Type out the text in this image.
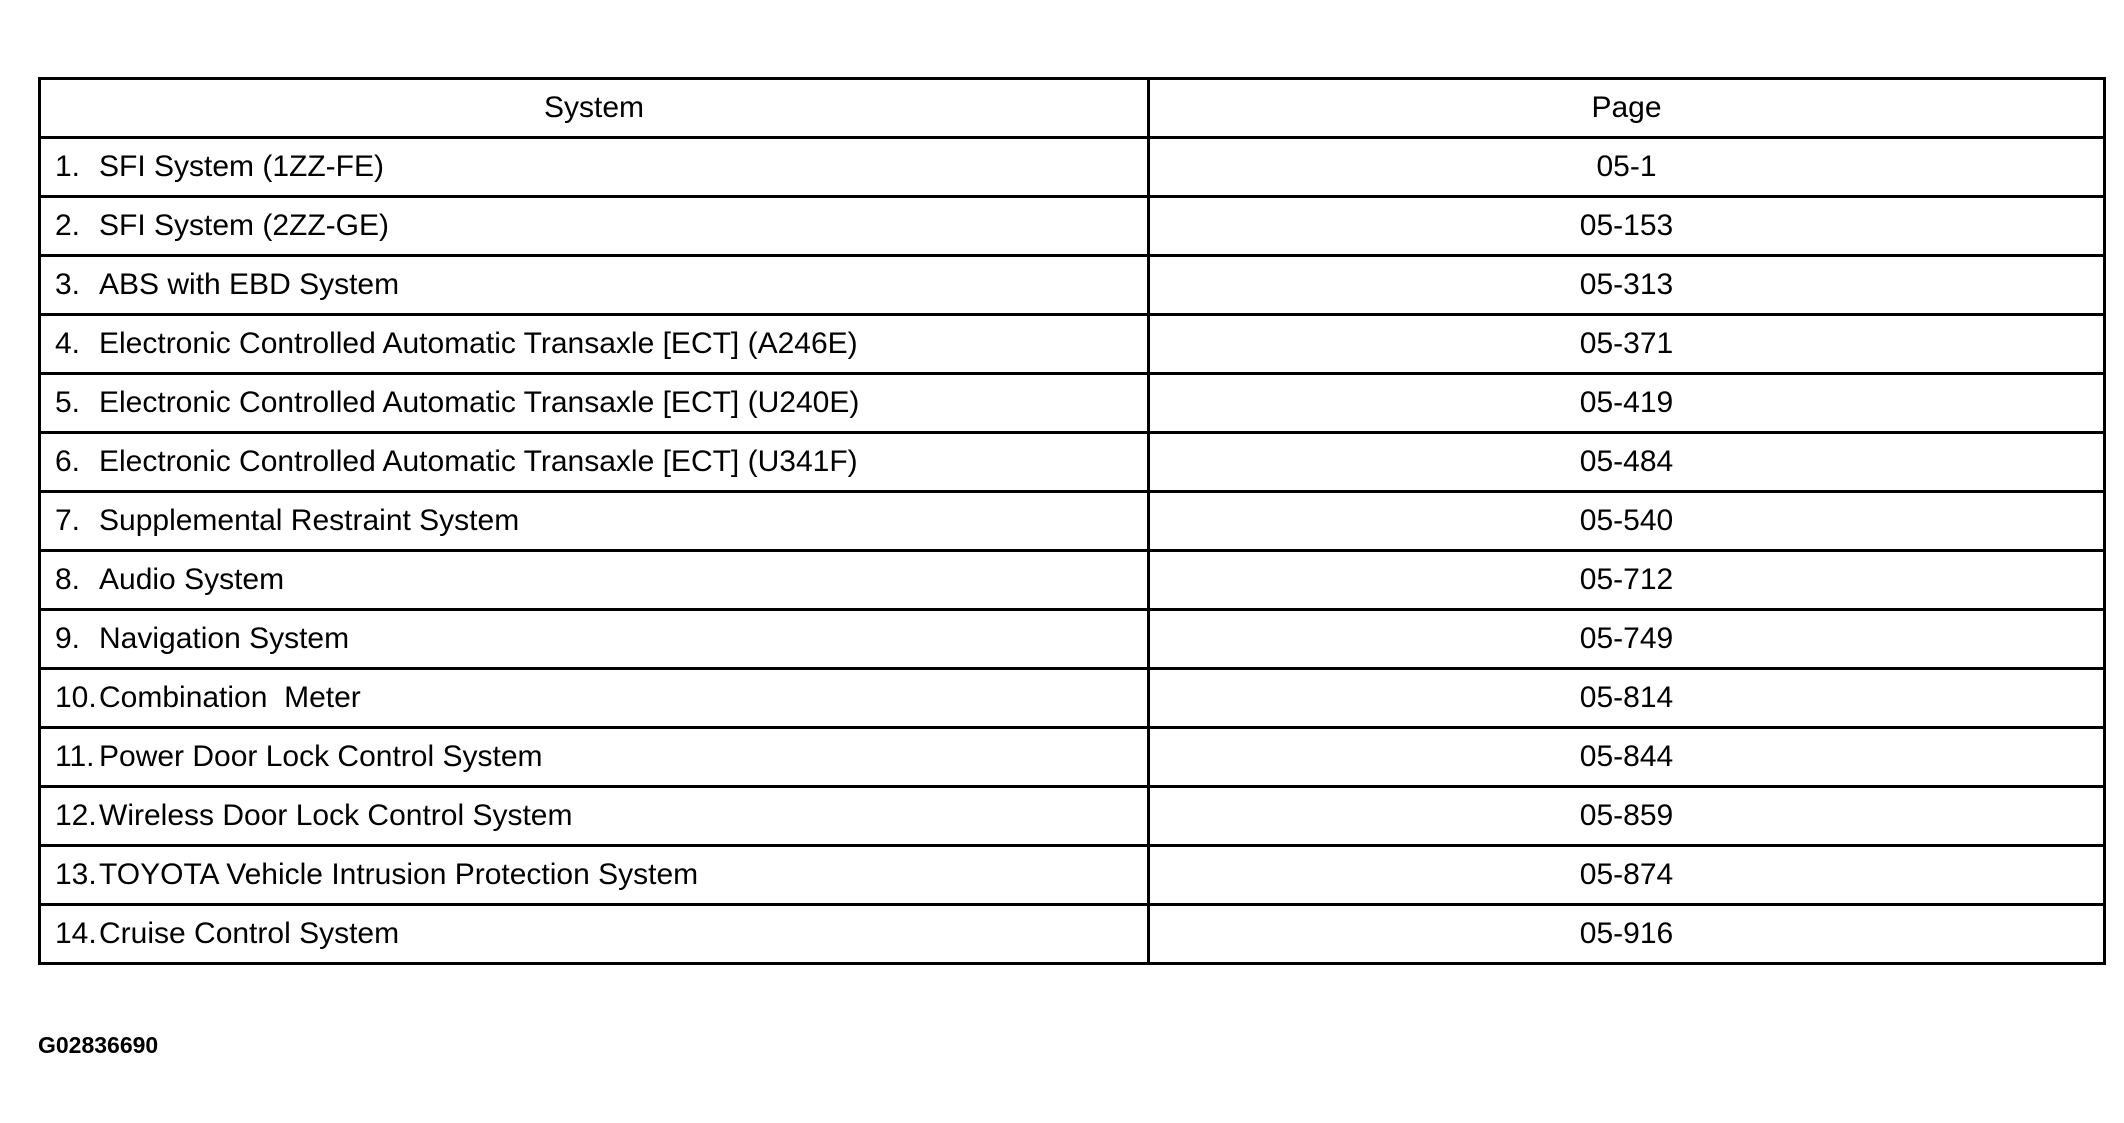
System	Page
1. SFI System (1ZZ-FE)	05-1
2. SFI System (2ZZ-GE)	05-153
3. ABS with EBD System	05-313
4. Electronic Controlled Automatic Transaxle [ECT] (A246E)	05-371
5. Electronic Controlled Automatic Transaxle [ECT] (U240E)	05-419
6. Electronic Controlled Automatic Transaxle [ECT] (U341F)	05-484
7. Supplemental Restraint System	05-540
8. Audio System	05-712
9. Navigation System	05-749
10.Combination  Meter	05-814
11. Power Door Lock Control System	05-844
12.Wireless Door Lock Control System	05-859
13.TOYOTA Vehicle Intrusion Protection System	05-874
14.Cruise Control System	05-916
G02836690
